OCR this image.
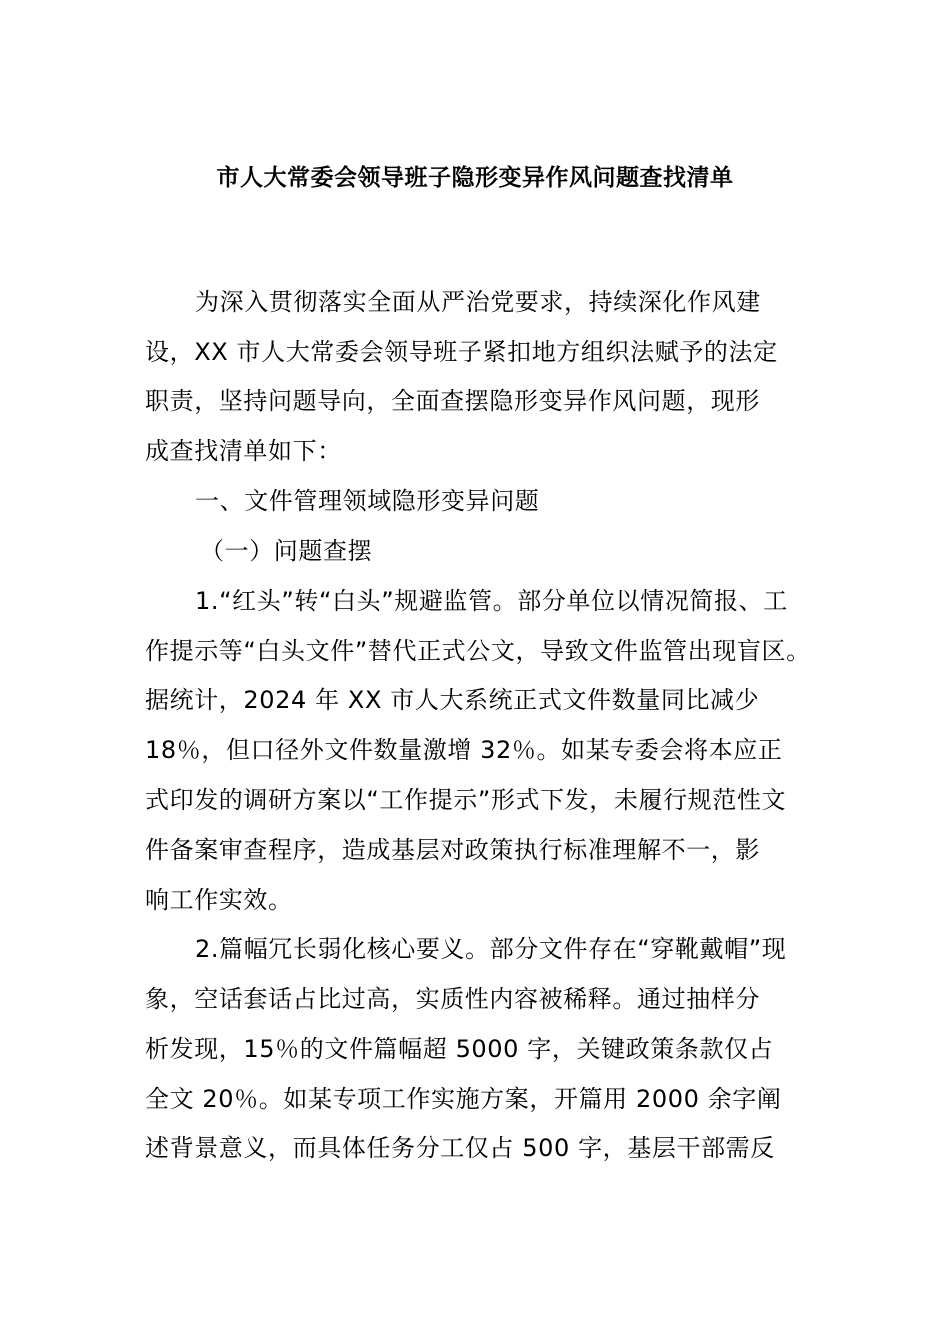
市人大常委会领导班子隐形变异作风问题查找清单
为深入贯彻落实全面从严治党要求，持续深化作风建
设，XX 市人大常委会领导班子紧扣地方组织法赋予的法定
职责，坚持问题导向，全面查摆隐形变异作风问题，现形
成查找清单如下：
一、文件管理领域隐形变异问题
（一）问题查摆
1.“红头”转“白头”规避监管。部分单位以情况简报、工
作提示等“白头文件”替代正式公文，导致文件监管出现盲区。
据统计，2024 年 XX 市人大系统正式文件数量同比减少
18％，但口径外文件数量激增 32％。如某专委会将本应正
式印发的调研方案以“工作提示”形式下发，未履行规范性文
件备案审查程序，造成基层对政策执行标准理解不一，影
响工作实效。
2.篇幅冗长弱化核心要义。部分文件存在“穿靴戴帽”现
象，空话套话占比过高，实质性内容被稀释。通过抽样分
析发现，15％的文件篇幅超 5000 字，关键政策条款仅占
全文 20％。如某专项工作实施方案，开篇用 2000 余字阐
述背景意义，而具体任务分工仅占 500 字，基层干部需反
